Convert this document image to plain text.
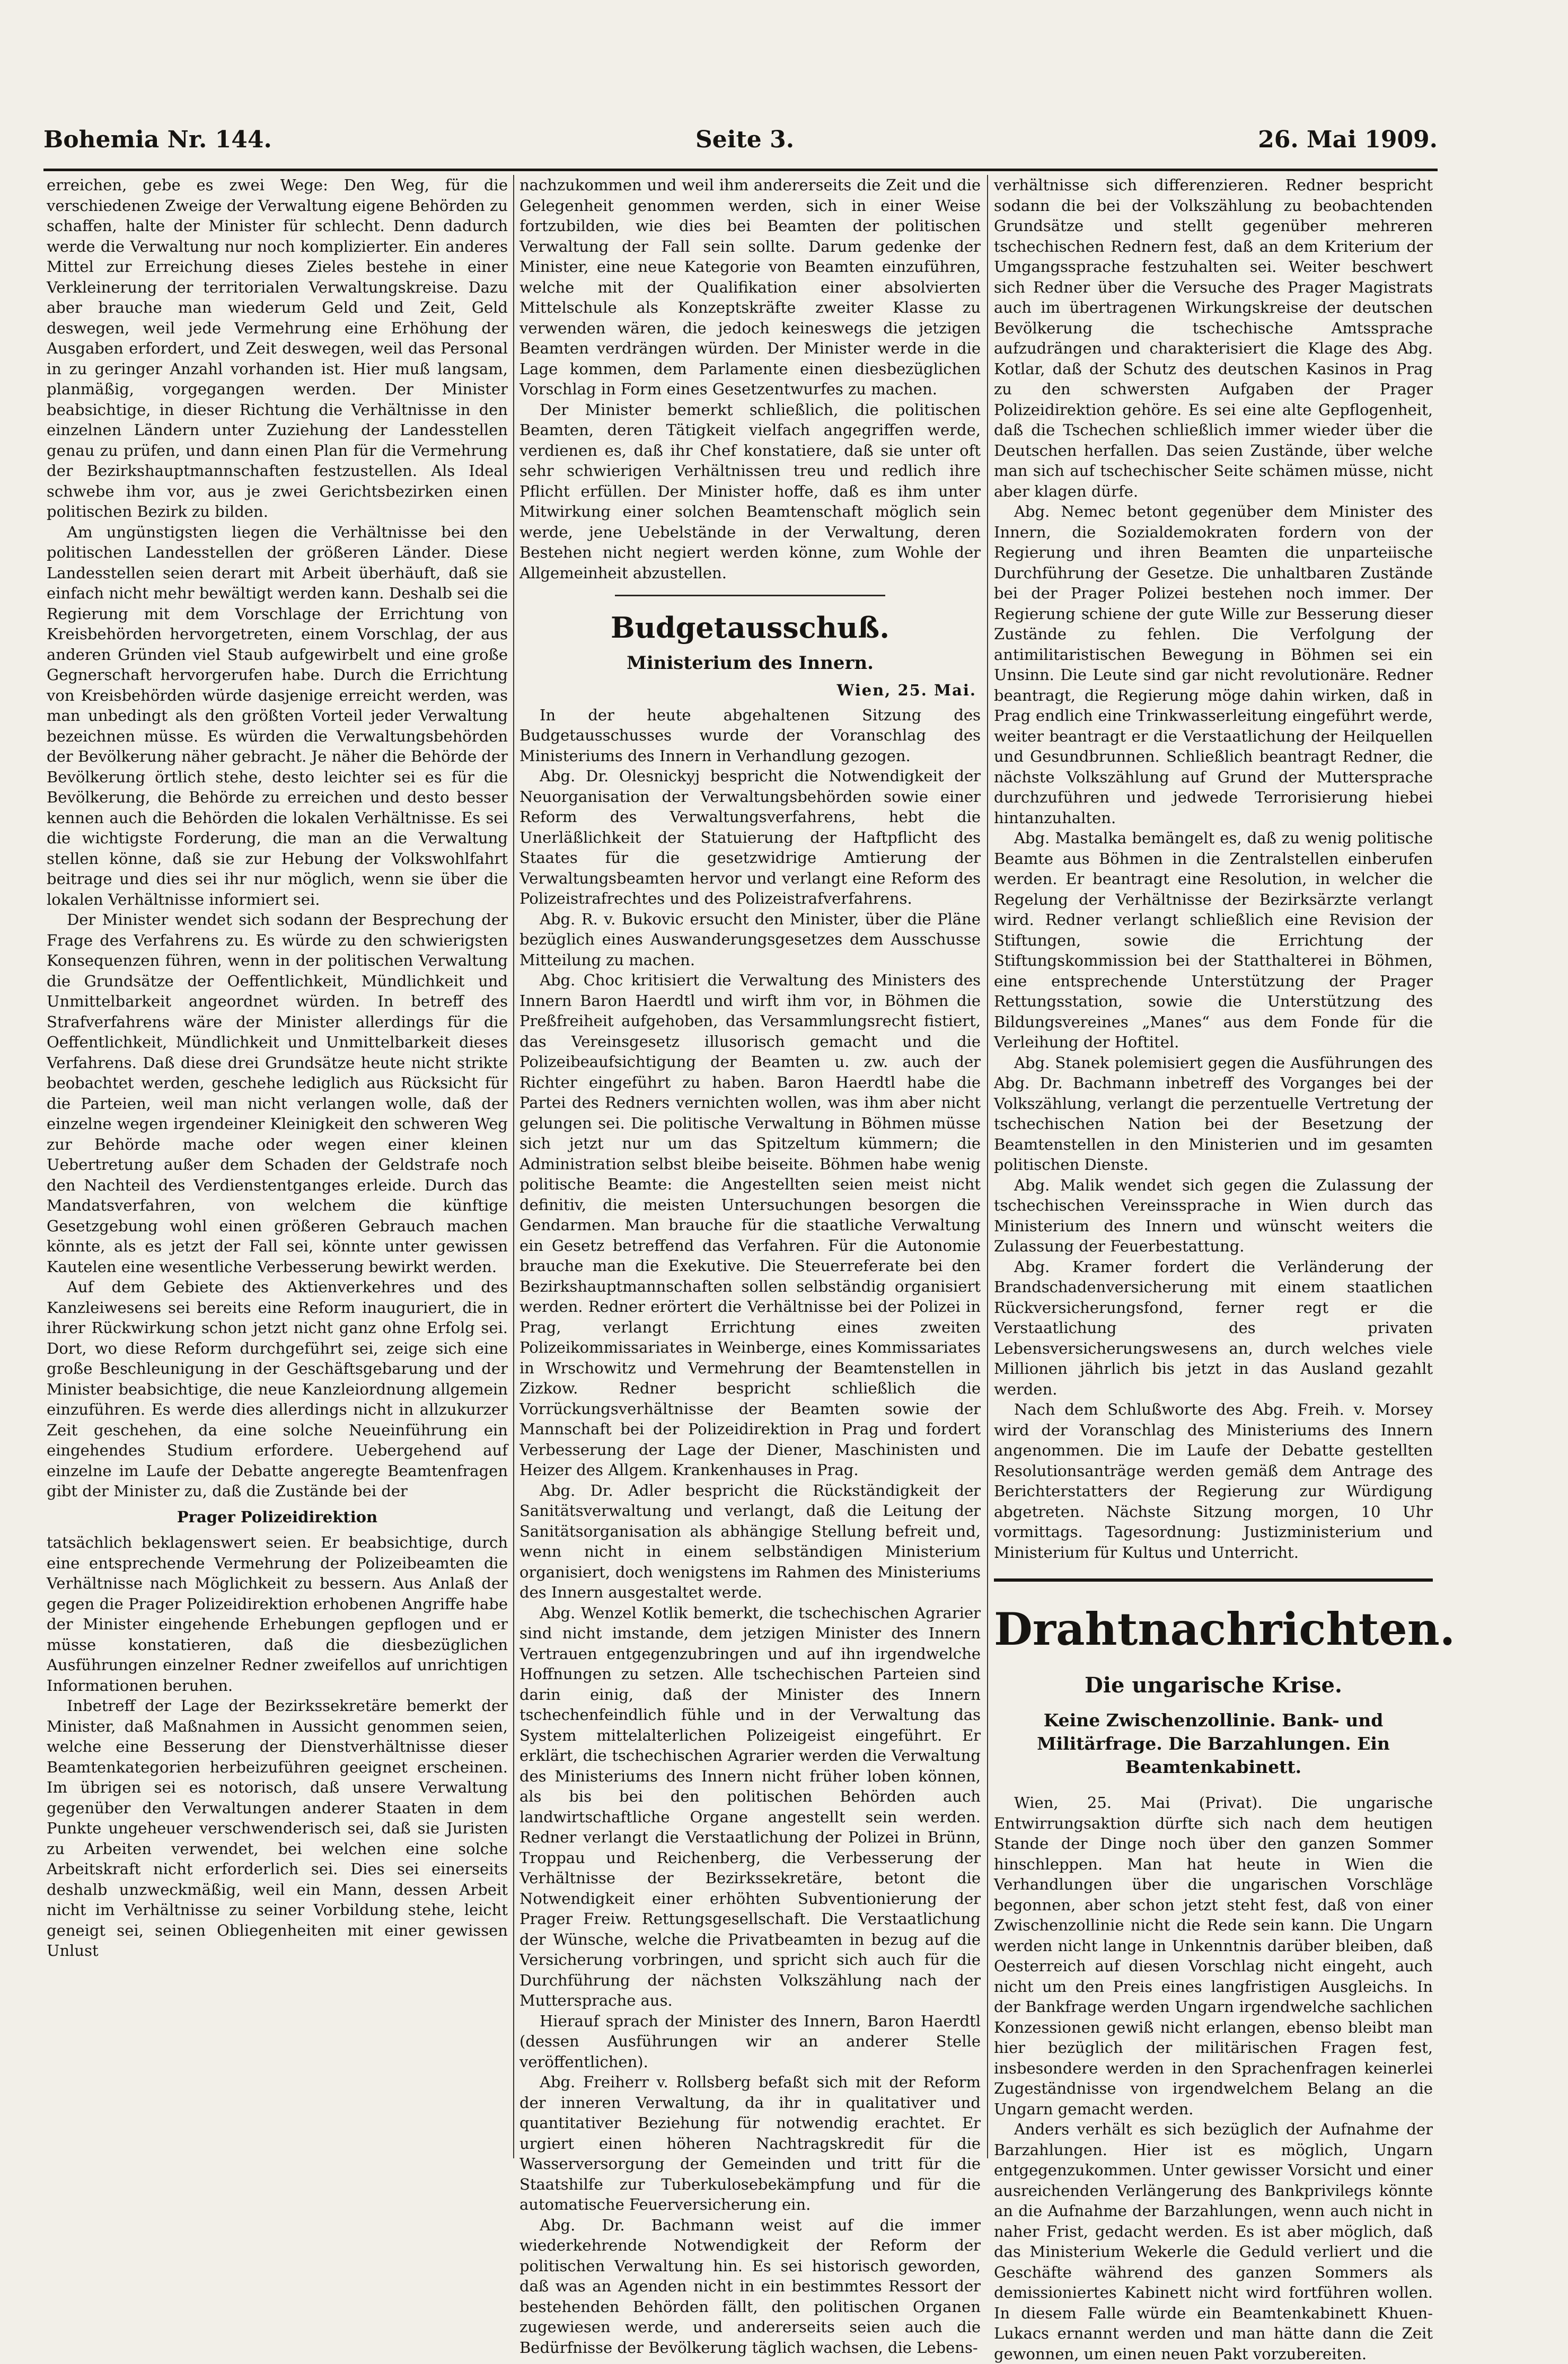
Bohemia Nr. 144.	Seite 3.	26. Mai 1909.

erreichen, gebe es zwei Wege: Den Weg, für die verschiedenen Zweige der Verwaltung eigene Behörden zu schaffen, halte der Minister für schlecht. Denn dadurch werde die Verwaltung nur noch komplizierter. Ein anderes Mittel zur Erreichung dieses Zieles bestehe in einer Verkleinerung der territorialen Verwaltungskreise. Dazu aber brauche man wiederum Geld und Zeit, Geld deswegen, weil jede Vermehrung eine Erhöhung der Ausgaben erfordert, und Zeit deswegen, weil das Personal in zu geringer Anzahl vorhanden ist. Hier muß langsam, planmäßig, vorgegangen werden. Der Minister beabsichtige, in dieser Richtung die Verhältnisse in den einzelnen Ländern unter Zuziehung der Landesstellen genau zu prüfen, und dann einen Plan für die Vermehrung der Bezirkshauptmannschaften festzustellen. Als Ideal schwebe ihm vor, aus je zwei Gerichtsbezirken einen politischen Bezirk zu bilden.

Am ungünstigsten liegen die Verhältnisse bei den politischen Landesstellen der größeren Länder. Diese Landesstellen seien derart mit Arbeit überhäuft, daß sie einfach nicht mehr bewältigt werden kann. Deshalb sei die Regierung mit dem Vorschlage der Errichtung von Kreisbehörden hervorgetreten, einem Vorschlag, der aus anderen Gründen viel Staub aufgewirbelt und eine große Gegnerschaft hervorgerufen habe. Durch die Errichtung von Kreisbehörden würde dasjenige erreicht werden, was man unbedingt als den größten Vorteil jeder Verwaltung bezeichnen müsse. Es würden die Verwaltungsbehörden der Bevölkerung näher gebracht. Je näher die Behörde der Bevölkerung örtlich stehe, desto leichter sei es für die Bevölkerung, die Behörde zu erreichen und desto besser kennen auch die Behörden die lokalen Verhältnisse. Es sei die wichtigste Forderung, die man an die Verwaltung stellen könne, daß sie zur Hebung der Volkswohlfahrt beitrage und dies sei ihr nur möglich, wenn sie über die lokalen Verhältnisse informiert sei.

Der Minister wendet sich sodann der Besprechung der Frage des Verfahrens zu. Es würde zu den schwierigsten Konsequenzen führen, wenn in der politischen Verwaltung die Grundsätze der Oeffentlichkeit, Mündlichkeit und Unmittelbarkeit angeordnet würden. In betreff des Strafverfahrens wäre der Minister allerdings für die Oeffentlichkeit, Mündlichkeit und Unmittelbarkeit dieses Verfahrens. Daß diese drei Grundsätze heute nicht strikte beobachtet werden, geschehe lediglich aus Rücksicht für die Parteien, weil man nicht verlangen wolle, daß der einzelne wegen irgendeiner Kleinigkeit den schweren Weg zur Behörde mache oder wegen einer kleinen Uebertretung außer dem Schaden der Geldstrafe noch den Nachteil des Verdienstentganges erleide. Durch das Mandatsverfahren, von welchem die künftige Gesetzgebung wohl einen größeren Gebrauch machen könnte, als es jetzt der Fall sei, könnte unter gewissen Kautelen eine wesentliche Verbesserung bewirkt werden.

Auf dem Gebiete des Aktienverkehres und des Kanzleiwesens sei bereits eine Reform inauguriert, die in ihrer Rückwirkung schon jetzt nicht ganz ohne Erfolg sei. Dort, wo diese Reform durchgeführt sei, zeige sich eine große Beschleunigung in der Geschäftsgebarung und der Minister beabsichtige, die neue Kanzleiordnung allgemein einzuführen. Es werde dies allerdings nicht in allzukurzer Zeit geschehen, da eine solche Neueinführung ein eingehendes Studium erfordere. Uebergehend auf einzelne im Laufe der Debatte angeregte Beamtenfragen gibt der Minister zu, daß die Zustände bei der

Prager Polizeidirektion

tatsächlich beklagenswert seien. Er beabsichtige, durch eine entsprechende Vermehrung der Polizeibeamten die Verhältnisse nach Möglichkeit zu bessern. Aus Anlaß der gegen die Prager Polizeidirektion erhobenen Angriffe habe der Minister eingehende Erhebungen gepflogen und er müsse konstatieren, daß die diesbezüglichen Ausführungen einzelner Redner zweifellos auf unrichtigen Informationen beruhen.

Inbetreff der Lage der Bezirkssekretäre bemerkt der Minister, daß Maßnahmen in Aussicht genommen seien, welche eine Besserung der Dienstverhältnisse dieser Beamtenkategorien herbeizuführen geeignet erscheinen. Im übrigen sei es notorisch, daß unsere Verwaltung gegenüber den Verwaltungen anderer Staaten in dem Punkte ungeheuer verschwenderisch sei, daß sie Juristen zu Arbeiten verwendet, bei welchen eine solche Arbeitskraft nicht erforderlich sei. Dies sei einerseits deshalb unzweckmäßig, weil ein Mann, dessen Arbeit nicht im Verhältnisse zu seiner Vorbildung stehe, leicht geneigt sei, seinen Obliegenheiten mit einer gewissen Unlust

nachzukommen und weil ihm andererseits die Zeit und die Gelegenheit genommen werden, sich in einer Weise fortzubilden, wie dies bei Beamten der politischen Verwaltung der Fall sein sollte. Darum gedenke der Minister, eine neue Kategorie von Beamten einzuführen, welche mit der Qualifikation einer absolvierten Mittelschule als Konzeptskräfte zweiter Klasse zu verwenden wären, die jedoch keineswegs die jetzigen Beamten verdrängen würden. Der Minister werde in die Lage kommen, dem Parlamente einen diesbezüglichen Vorschlag in Form eines Gesetzentwurfes zu machen.

Der Minister bemerkt schließlich, die politischen Beamten, deren Tätigkeit vielfach angegriffen werde, verdienen es, daß ihr Chef konstatiere, daß sie unter oft sehr schwierigen Verhältnissen treu und redlich ihre Pflicht erfüllen. Der Minister hoffe, daß es ihm unter Mitwirkung einer solchen Beamtenschaft möglich sein werde, jene Uebelstände in der Verwaltung, deren Bestehen nicht negiert werden könne, zum Wohle der Allgemeinheit abzustellen.

Budgetausschuß.
Ministerium des Innern.

Wien, 25. Mai.

In der heute abgehaltenen Sitzung des Budgetausschusses wurde der Voranschlag des Ministeriums des Innern in Verhandlung gezogen.

Abg. Dr. Olesnickyj bespricht die Notwendigkeit der Neuorganisation der Verwaltungsbehörden sowie einer Reform des Verwaltungsverfahrens, hebt die Unerläßlichkeit der Statuierung der Haftpflicht des Staates für die gesetzwidrige Amtierung der Verwaltungsbeamten hervor und verlangt eine Reform des Polizeistrafrechtes und des Polizeistrafverfahrens.

Abg. R. v. Bukovic ersucht den Minister, über die Pläne bezüglich eines Auswanderungsgesetzes dem Ausschusse Mitteilung zu machen.

Abg. Choc kritisiert die Verwaltung des Ministers des Innern Baron Haerdtl und wirft ihm vor, in Böhmen die Preßfreiheit aufgehoben, das Versammlungsrecht fistiert, das Vereinsgesetz illusorisch gemacht und die Polizeibeaufsichtigung der Beamten u. zw. auch der Richter eingeführt zu haben. Baron Haerdtl habe die Partei des Redners vernichten wollen, was ihm aber nicht gelungen sei. Die politische Verwaltung in Böhmen müsse sich jetzt nur um das Spitzeltum kümmern; die Administration selbst bleibe beiseite. Böhmen habe wenig politische Beamte: die Angestellten seien meist nicht definitiv, die meisten Untersuchungen besorgen die Gendarmen. Man brauche für die staatliche Verwaltung ein Gesetz betreffend das Verfahren. Für die Autonomie brauche man die Exekutive. Die Steuerreferate bei den Bezirkshauptmannschaften sollen selbständig organisiert werden. Redner erörtert die Verhältnisse bei der Polizei in Prag, verlangt Errichtung eines zweiten Polizeikommissariates in Weinberge, eines Kommissariates in Wrschowitz und Vermehrung der Beamtenstellen in Zizkow. Redner bespricht schließlich die Vorrückungsverhältnisse der Beamten sowie der Mannschaft bei der Polizeidirektion in Prag und fordert Verbesserung der Lage der Diener, Maschinisten und Heizer des Allgem. Krankenhauses in Prag.

Abg. Dr. Adler bespricht die Rückständigkeit der Sanitätsverwaltung und verlangt, daß die Leitung der Sanitätsorganisation als abhängige Stellung befreit und, wenn nicht in einem selbständigen Ministerium organisiert, doch wenigstens im Rahmen des Ministeriums des Innern ausgestaltet werde.

Abg. Wenzel Kotlik bemerkt, die tschechischen Agrarier sind nicht imstande, dem jetzigen Minister des Innern Vertrauen entgegenzubringen und auf ihn irgendwelche Hoffnungen zu setzen. Alle tschechischen Parteien sind darin einig, daß der Minister des Innern tschechenfeindlich fühle und in der Verwaltung das System mittelalterlichen Polizeigeist eingeführt. Er erklärt, die tschechischen Agrarier werden die Verwaltung des Ministeriums des Innern nicht früher loben können, als bis bei den politischen Behörden auch landwirtschaftliche Organe angestellt sein werden. Redner verlangt die Verstaatlichung der Polizei in Brünn, Troppau und Reichenberg, die Verbesserung der Verhältnisse der Bezirkssekretäre, betont die Notwendigkeit einer erhöhten Subventionierung der Prager Freiw. Rettungsgesellschaft. Die Verstaatlichung der Wünsche, welche die Privatbeamten in bezug auf die Versicherung vorbringen, und spricht sich auch für die Durchführung der nächsten Volkszählung nach der Muttersprache aus.

Hierauf sprach der Minister des Innern, Baron Haerdtl (dessen Ausführungen wir an anderer Stelle veröffentlichen).

Abg. Freiherr v. Rollsberg befaßt sich mit der Reform der inneren Verwaltung, da ihr in qualitativer und quantitativer Beziehung für notwendig erachtet. Er urgiert einen höheren Nachtragskredit für die Wasserversorgung der Gemeinden und tritt für die Staatshilfe zur Tuberkulosebekämpfung und für die automatische Feuerversicherung ein.

Abg. Dr. Bachmann weist auf die immer wiederkehrende Notwendigkeit der Reform der politischen Verwaltung hin. Es sei historisch geworden, daß was an Agenden nicht in ein bestimmtes Ressort der bestehenden Behörden fällt, den politischen Organen zugewiesen werde, und andererseits seien auch die Bedürfnisse der Bevölkerung täglich wachsen, die Lebens-

verhältnisse sich differenzieren. Redner bespricht sodann die bei der Volkszählung zu beobachtenden Grundsätze und stellt gegenüber mehreren tschechischen Rednern fest, daß an dem Kriterium der Umgangssprache festzuhalten sei. Weiter beschwert sich Redner über die Versuche des Prager Magistrats auch im übertragenen Wirkungskreise der deutschen Bevölkerung die tschechische Amtssprache aufzudrängen und charakterisiert die Klage des Abg. Kotlar, daß der Schutz des deutschen Kasinos in Prag zu den schwersten Aufgaben der Prager Polizeidirektion gehöre. Es sei eine alte Gepflogenheit, daß die Tschechen schließlich immer wieder über die Deutschen herfallen. Das seien Zustände, über welche man sich auf tschechischer Seite schämen müsse, nicht aber klagen dürfe.

Abg. Nemec betont gegenüber dem Minister des Innern, die Sozialdemokraten fordern von der Regierung und ihren Beamten die unparteiische Durchführung der Gesetze. Die unhaltbaren Zustände bei der Prager Polizei bestehen noch immer. Der Regierung schiene der gute Wille zur Besserung dieser Zustände zu fehlen. Die Verfolgung der antimilitaristischen Bewegung in Böhmen sei ein Unsinn. Die Leute sind gar nicht revolutionäre. Redner beantragt, die Regierung möge dahin wirken, daß in Prag endlich eine Trinkwasserleitung eingeführt werde, weiter beantragt er die Verstaatlichung der Heilquellen und Gesundbrunnen. Schließlich beantragt Redner, die nächste Volkszählung auf Grund der Muttersprache durchzuführen und jedwede Terrorisierung hiebei hintanzuhalten.

Abg. Mastalka bemängelt es, daß zu wenig politische Beamte aus Böhmen in die Zentralstellen einberufen werden. Er beantragt eine Resolution, in welcher die Regelung der Verhältnisse der Bezirksärzte verlangt wird. Redner verlangt schließlich eine Revision der Stiftungen, sowie die Errichtung der Stiftungskommission bei der Statthalterei in Böhmen, eine entsprechende Unterstützung der Prager Rettungsstation, sowie die Unterstützung des Bildungsvereines „Manes“ aus dem Fonde für die Verleihung der Hoftitel.

Abg. Stanek polemisiert gegen die Ausführungen des Abg. Dr. Bachmann inbetreff des Vorganges bei der Volkszählung, verlangt die perzentuelle Vertretung der tschechischen Nation bei der Besetzung der Beamtenstellen in den Ministerien und im gesamten politischen Dienste.

Abg. Malik wendet sich gegen die Zulassung der tschechischen Vereinssprache in Wien durch das Ministerium des Innern und wünscht weiters die Zulassung der Feuerbestattung.

Abg. Kramer fordert die Verländerung der Brandschadenversicherung mit einem staatlichen Rückversicherungsfond, ferner regt er die Verstaatlichung des privaten Lebensversicherungswesens an, durch welches viele Millionen jährlich bis jetzt in das Ausland gezahlt werden.

Nach dem Schlußworte des Abg. Freih. v. Morsey wird der Voranschlag des Ministeriums des Innern angenommen. Die im Laufe der Debatte gestellten Resolutionsanträge werden gemäß dem Antrage des Berichterstatters der Regierung zur Würdigung abgetreten. Nächste Sitzung morgen, 10 Uhr vormittags. Tagesordnung: Justizministerium und Ministerium für Kultus und Unterricht.

Drahtnachrichten.
Die ungarische Krise.
Keine Zwischenzollinie. Bank- und Militärfrage. Die Barzahlungen. Ein Beamtenkabinett.

Wien, 25. Mai (Privat). Die ungarische Entwirrungsaktion dürfte sich nach dem heutigen Stande der Dinge noch über den ganzen Sommer hinschleppen. Man hat heute in Wien die Verhandlungen über die ungarischen Vorschläge begonnen, aber schon jetzt steht fest, daß von einer Zwischenzollinie nicht die Rede sein kann. Die Ungarn werden nicht lange in Unkenntnis darüber bleiben, daß Oesterreich auf diesen Vorschlag nicht eingeht, auch nicht um den Preis eines langfristigen Ausgleichs. In der Bankfrage werden Ungarn irgendwelche sachlichen Konzessionen gewiß nicht erlangen, ebenso bleibt man hier bezüglich der militärischen Fragen fest, insbesondere werden in den Sprachenfragen keinerlei Zugeständnisse von irgendwelchem Belang an die Ungarn gemacht werden.

Anders verhält es sich bezüglich der Aufnahme der Barzahlungen. Hier ist es möglich, Ungarn entgegenzukommen. Unter gewisser Vorsicht und einer ausreichenden Verlängerung des Bankprivilegs könnte an die Aufnahme der Barzahlungen, wenn auch nicht in naher Frist, gedacht werden. Es ist aber möglich, daß das Ministerium Wekerle die Geduld verliert und die Geschäfte während des ganzen Sommers als demissioniertes Kabinett nicht wird fortführen wollen. In diesem Falle würde ein Beamtenkabinett Khuen-Lukacs ernannt werden und man hätte dann die Zeit gewonnen, um einen neuen Pakt vorzubereiten.
